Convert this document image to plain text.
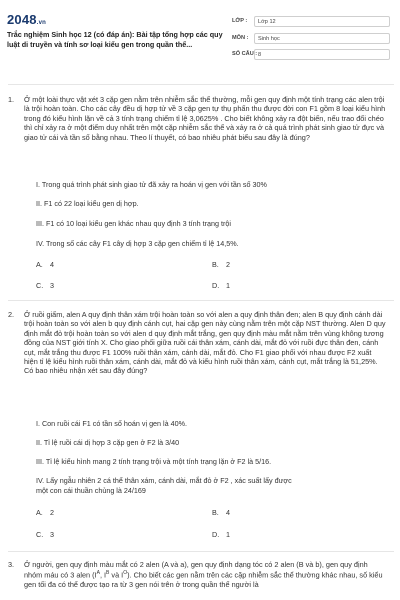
2048.vn
Trắc nghiệm Sinh học 12 (có đáp án): Bài tập tổng hợp các quy luật di truyền và tính sơ loại kiểu gen trong quần thể...
LỚP :	Lớp 12
MÔN :	Sinh học
SỐ CÂU : 8
1.	Ở một loài thực vật xét 3 cặp gen nằm trên nhiễm sắc thể thường, mỗi gen quy định một tính trạng các alen trội là trội hoàn toàn. Cho các cây đều dị hợp tử về 3 cặp gen tự thụ phấn thu được đời con F1 gồm 8 loại kiểu hình trong đó kiểu hình lặn về cả 3 tính trạng chiếm tỉ lệ 3,0625% . Cho biết không xảy ra đột biến, nếu trao đổi chéo thì chỉ xảy ra ở một điểm duy nhất trên một cặp nhiễm sắc thể và xảy ra ở cả quá trình phát sinh giao tử đực và giao tử cái và tần số bằng nhau. Theo lí thuyết, có bao nhiêu phát biểu sau đây là đúng?
I. Trong quá trình phát sinh giao tử đã xảy ra hoán vị gen với tần số 30%
II. F1 có 22 loại kiểu gen dị hợp.
III. F1 có 10 loại kiểu gen khác nhau quy định 3 tính trạng trội
IV. Trong số các cây F1 cây dị hợp 3 cặp gen chiếm tỉ lệ 14,5%.
A. 4	B. 2
C. 3	D. 1
2.	Ở ruồi giấm, alen A quy định thân xám trội hoàn toàn so với alen a quy định thân đen; alen B quy định cánh dài trội hoàn toàn so với alen b quy định cánh cụt, hai cặp gen này cùng nằm trên một cặp NST thường. Alen D quy định mắt đỏ trội hoàn toàn so với alen d quy định mắt trắng, gen quy định màu mắt nằm trên vùng không tương đồng của NST giới tính X. Cho giao phối giữa ruồi cái thân xám, cánh dài, mắt đỏ với ruồi đực thân đen, cánh cụt, mắt trắng thu được F1 100% ruồi thân xám, cánh dài, mắt đỏ. Cho F1 giao phối với nhau được F2 xuất hiện tỉ lệ kiểu hình ruồi thân xám, cánh dài, mắt đỏ và kiểu hình ruồi thân xám, cánh cụt, mắt trắng là 51,25%. Có bao nhiêu nhận xét sau đây đúng?
I. Con ruồi cái F1 có tần số hoán vị gen là 40%.
II. Tỉ lệ ruồi cái dị hợp 3 cặp gen ở F2 là 3/40
III. Tỉ lệ kiểu hình mang 2 tính trạng trội và một tính trạng lặn ở F2 là 5/16.
IV. Lấy ngẫu nhiên 2 cá thể thân xám, cánh dài, mắt đỏ ở F2 , xác suất lấy được
một con cái thuần chủng là 24/169
A. 2	B. 4
C. 3	D. 1
3.	Ở người, gen quy định màu mắt có 2 alen (A và a), gen quy định dạng tóc có 2 alen (B và b), gen quy định nhóm máu có 3 alen ($I^A$, $I^B$ và $I^O$). Cho biết các gen nằm trên các cặp nhiễm sắc thể thường khác nhau, số kiểu gen tối đa có thể được tạo ra từ 3 gen nói trên ở trong quần thể người là
